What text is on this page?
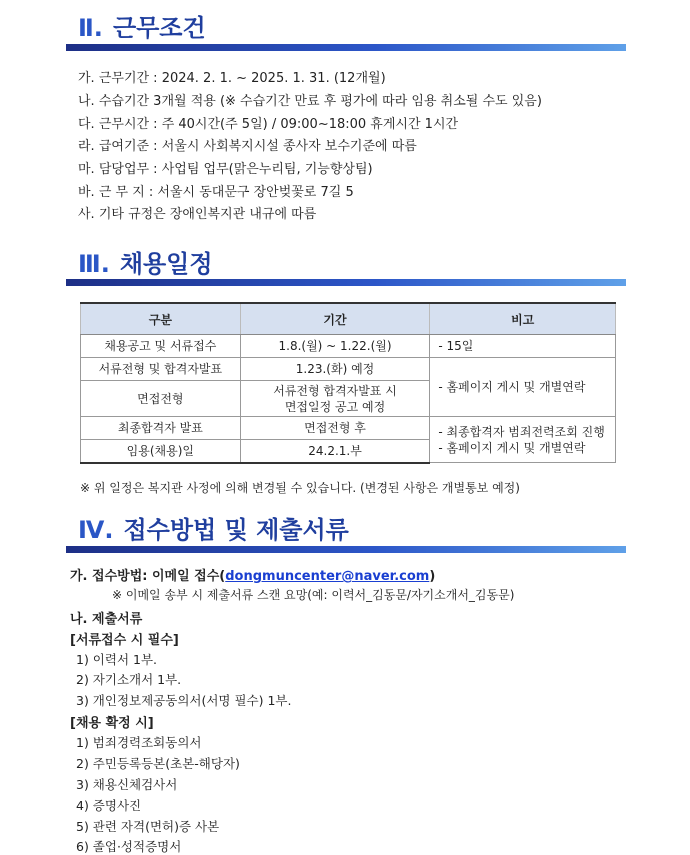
Ⅱ. 근무조건
가. 근무기간 : 2024. 2. 1. ~ 2025. 1. 31. (12개월)
나. 수습기간 3개월 적용 (※ 수습기간 만료 후 평가에 따라 임용 취소될 수도 있음)
다. 근무시간 : 주 40시간(주 5일) / 09:00~18:00 휴게시간 1시간
라. 급여기준 : 서울시 사회복지시설 종사자 보수기준에 따름
마. 담당업무 : 사업팀 업무(맑은누리팀, 기능향상팀)
바. 근 무 지 : 서울시 동대문구 장안벚꽃로 7길 5
사. 기타 규정은 장애인복지관 내규에 따름
Ⅲ. 채용일정
구분	기간	비고
채용공고 및 서류접수	1.8.(월) ~ 1.22.(월)	- 15일
서류전형 및 합격자발표	1.23.(화) 예정	- 홈페이지 게시 및 개별연락
면접전형	서류전형 합격자발표 시
면접일정 공고 예정	

최종합격자 발표	면접전형 후	- 최종합격자 범죄전력조회 진행
- 홈페이지 게시 및 개별연락

임용(채용)일	24.2.1.부	
※ 위 일정은 복지관 사정에 의해 변경될 수 있습니다. (변경된 사항은 개별통보 예정)
Ⅳ. 접수방법 및 제출서류
가. 접수방법: 이메일 접수(dongmuncenter@naver.com)
※ 이메일 송부 시 제출서류 스캔 요망(예: 이력서_김동문/자기소개서_김동문)
나. 제출서류
[서류접수 시 필수]
1) 이력서 1부.
2) 자기소개서 1부.
3) 개인정보제공동의서(서명 필수) 1부.
[채용 확정 시]
1) 범죄경력조회동의서
2) 주민등록등본(초본-해당자)
3) 채용신체검사서
4) 증명사진
5) 관련 자격(면허)증 사본
6) 졸업·성적증명서
